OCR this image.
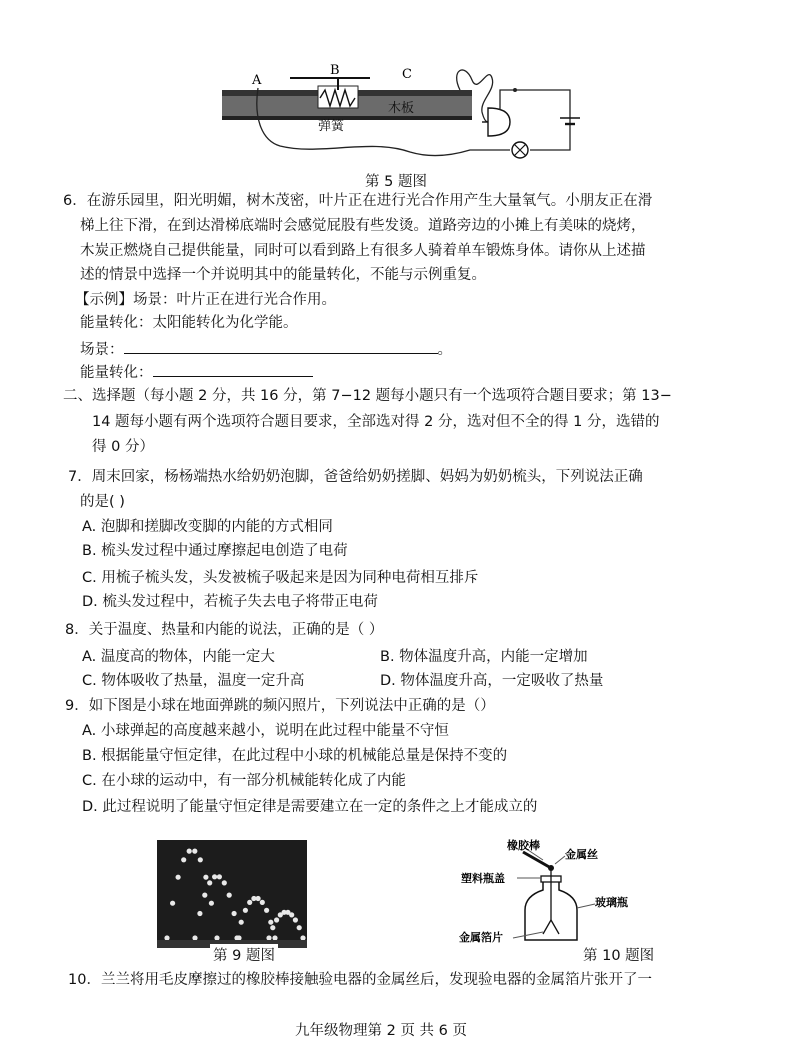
A
B	C
木板
弹簧
第 5 题图
6．在游乐园里，阳光明媚，树木茂密，叶片正在进行光合作用产生大量氧气。小朋友正在滑
梯上往下滑，在到达滑梯底端时会感觉屁股有些发烫。道路旁边的小摊上有美味的烧烤，
木炭正燃烧自己提供能量，同时可以看到路上有很多人骑着单车锻炼身体。请你从上述描
述的情景中选择一个并说明其中的能量转化，不能与示例重复。
【示例】场景：叶片正在进行光合作用。
能量转化：太阳能转化为化学能。
场景：	。
能量转化：
二、选择题（每小题 2 分，共 16 分，第 7−12 题每小题只有一个选项符合题目要求；第 13−
14 题每小题有两个选项符合题目要求，全部选对得 2 分，选对但不全的得 1 分，选错的
得 0 分）
7．周末回家，杨杨端热水给奶奶泡脚，爸爸给奶奶搓脚、妈妈为奶奶梳头，下列说法正确
的是( )
A. 泡脚和搓脚改变脚的内能的方式相同
B. 梳头发过程中通过摩擦起电创造了电荷
C. 用梳子梳头发，头发被梳子吸起来是因为同种电荷相互排斥
D. 梳头发过程中，若梳子失去电子将带正电荷
8．关于温度、热量和内能的说法，正确的是（ ）
A. 温度高的物体，内能一定大	B. 物体温度升高，内能一定增加
C. 物体吸收了热量，温度一定升高	D. 物体温度升高，一定吸收了热量
9．如下图是小球在地面弹跳的频闪照片，下列说法中正确的是（）
A. 小球弹起的高度越来越小，说明在此过程中能量不守恒
B. 根据能量守恒定律，在此过程中小球的机械能总量是保持不变的
C. 在小球的运动中，有一部分机械能转化成了内能
D. 此过程说明了能量守恒定律是需要建立在一定的条件之上才能成立的
第 9 题图
橡胶棒
金属丝
塑料瓶盖
玻璃瓶
金属箔片
第 10 题图
10．兰兰将用毛皮摩擦过的橡胶棒接触验电器的金属丝后，发现验电器的金属箔片张开了一
九年级物理第 2 页 共 6 页
